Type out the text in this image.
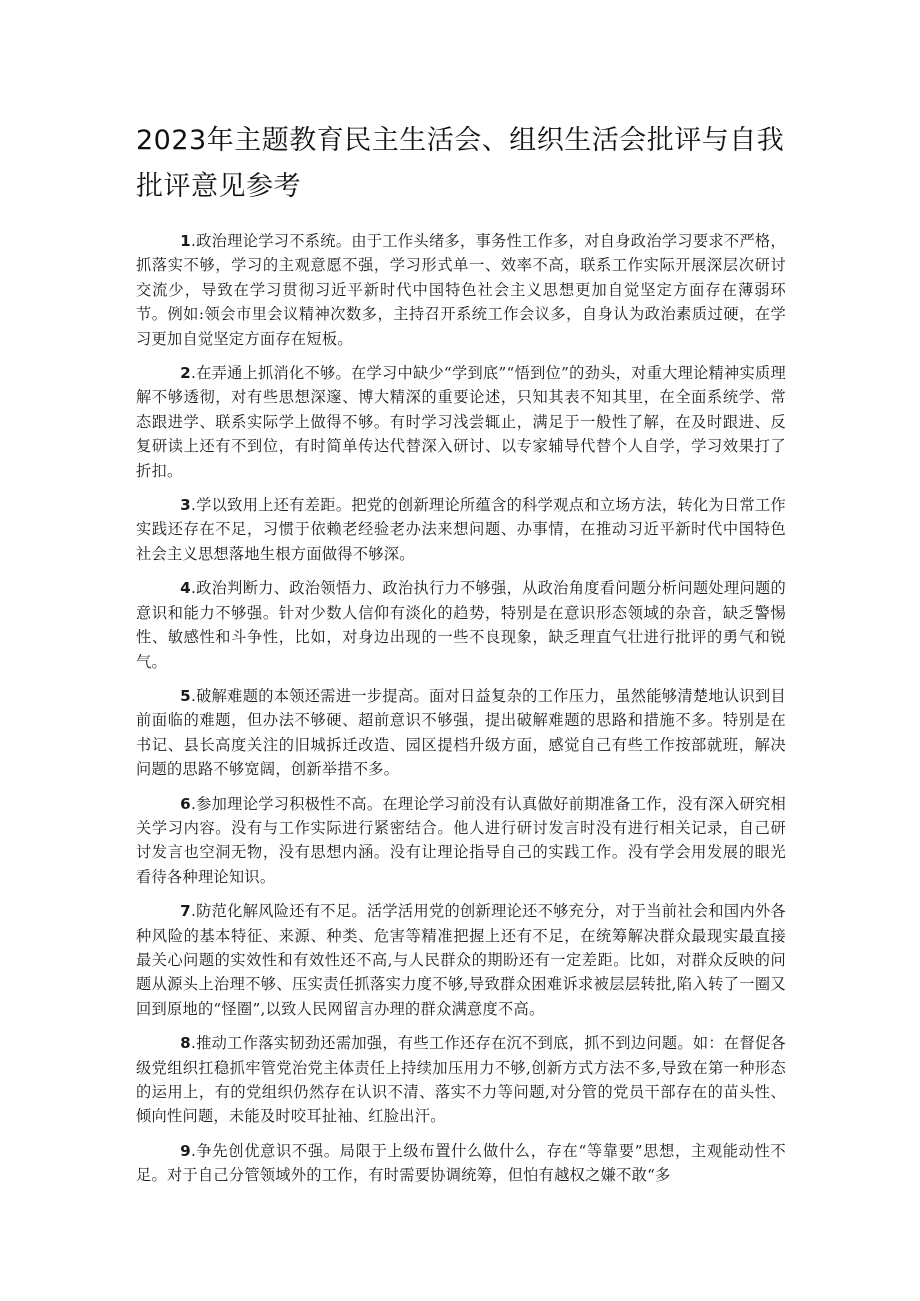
2023年主题教育民主生活会、组织生活会批评与自我批评意见参考

1.政治理论学习不系统。由于工作头绪多，事务性工作多，对自身政治学习要求不严格，抓落实不够，学习的主观意愿不强，学习形式单一、效率不高，联系工作实际开展深层次研讨交流少，导致在学习贯彻习近平新时代中国特色社会主义思想更加自觉坚定方面存在薄弱环节。例如:领会市里会议精神次数多，主持召开系统工作会议多，自身认为政治素质过硬，在学习更加自觉坚定方面存在短板。

2.在弄通上抓消化不够。在学习中缺少“学到底”“悟到位”的劲头，对重大理论精神实质理解不够透彻，对有些思想深邃、博大精深的重要论述，只知其表不知其里，在全面系统学、常态跟进学、联系实际学上做得不够。有时学习浅尝辄止，满足于一般性了解，在及时跟进、反复研读上还有不到位，有时简单传达代替深入研讨、以专家辅导代替个人自学，学习效果打了折扣。

3.学以致用上还有差距。把党的创新理论所蕴含的科学观点和立场方法，转化为日常工作实践还存在不足，习惯于依赖老经验老办法来想问题、办事情，在推动习近平新时代中国特色社会主义思想落地生根方面做得不够深。

4.政治判断力、政治领悟力、政治执行力不够强，从政治角度看问题分析问题处理问题的意识和能力不够强。针对少数人信仰有淡化的趋势，特别是在意识形态领域的杂音，缺乏警惕性、敏感性和斗争性，比如，对身边出现的一些不良现象，缺乏理直气壮进行批评的勇气和锐气。

5.破解难题的本领还需进一步提高。面对日益复杂的工作压力，虽然能够清楚地认识到目前面临的难题，但办法不够硬、超前意识不够强，提出破解难题的思路和措施不多。特别是在书记、县长高度关注的旧城拆迁改造、园区提档升级方面，感觉自己有些工作按部就班，解决问题的思路不够宽阔，创新举措不多。

6.参加理论学习积极性不高。在理论学习前没有认真做好前期准备工作，没有深入研究相关学习内容。没有与工作实际进行紧密结合。他人进行研讨发言时没有进行相关记录，自己研讨发言也空洞无物，没有思想内涵。没有让理论指导自己的实践工作。没有学会用发展的眼光看待各种理论知识。

7.防范化解风险还有不足。活学活用党的创新理论还不够充分，对于当前社会和国内外各种风险的基本特征、来源、种类、危害等精准把握上还有不足，在统筹解决群众最现实最直接最关心问题的实效性和有效性还不高,与人民群众的期盼还有一定差距。比如，对群众反映的问题从源头上治理不够、压实责任抓落实力度不够,导致群众困难诉求被层层转批,陷入转了一圈又回到原地的“怪圈”,以致人民网留言办理的群众满意度不高。

8.推动工作落实韧劲还需加强，有些工作还存在沉不到底，抓不到边问题。如：在督促各级党组织扛稳抓牢管党治党主体责任上持续加压用力不够,创新方式方法不多,导致在第一种形态的运用上，有的党组织仍然存在认识不清、落实不力等问题,对分管的党员干部存在的苗头性、倾向性问题，未能及时咬耳扯袖、红脸出汗。

9.争先创优意识不强。局限于上级布置什么做什么，存在“等靠要”思想，主观能动性不足。对于自己分管领域外的工作，有时需要协调统筹，但怕有越权之嫌不敢“多
